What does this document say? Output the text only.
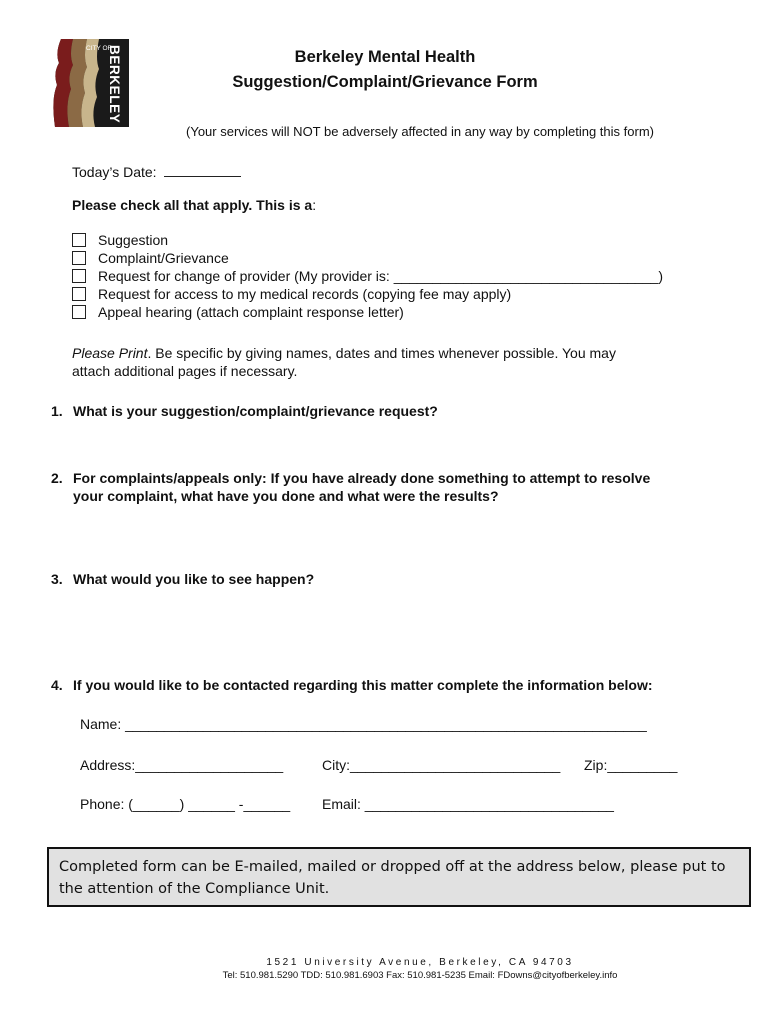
CITY OF
BERKELEY	Berkeley Mental Health
Suggestion/Complaint/Grievance Form
(Your services will NOT be adversely affected in any way by completing this form)
Today’s Date:
Please check all that apply. This is a:
Suggestion
Complaint/Grievance
Request for change of provider (My provider is: __________________________________)
Request for access to my medical records (copying fee may apply)
Appeal hearing (attach complaint response letter)
Please Print. Be specific by giving names, dates and times whenever possible. You may
attach additional pages if necessary.
1. What is your suggestion/complaint/grievance request?
2. For complaints/appeals only: If you have already done something to attempt to resolve
your complaint, what have you done and what were the results?
3. What would you like to see happen?
4. If you would like to be contacted regarding this matter complete the information below:
Name: ___________________________________________________________________
Address:___________________	City:___________________________ Zip:_________
Phone: (______) ______ -______ Email: ________________________________
Completed form can be E-mailed, mailed or dropped off at the address below, please put to
the attention of the Compliance Unit.
1521 University Avenue, Berkeley, CA 94703
Tel: 510.981.5290 TDD: 510.981.6903 Fax: 510.981-5235 Email: FDowns@cityofberkeley.info
